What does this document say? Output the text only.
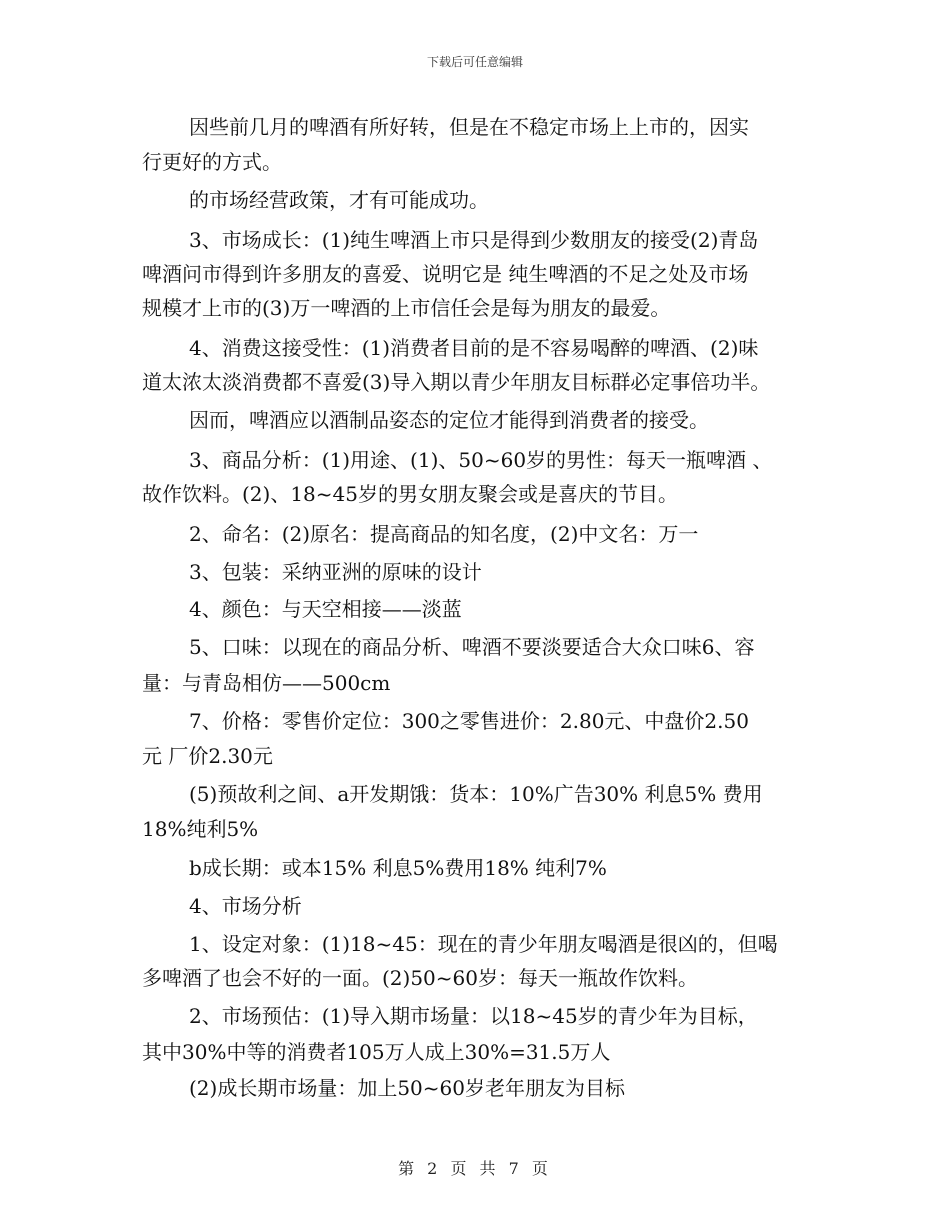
下载后可任意编辑
因些前几月的啤酒有所好转，但是在不稳定市场上上市的，因实
行更好的方式。
的市场经营政策，才有可能成功。
3、市场成长：(1)纯生啤酒上市只是得到少数朋友的接受(2)青岛
啤酒问市得到许多朋友的喜爱、说明它是 纯生啤酒的不足之处及市场
规模才上市的(3)万一啤酒的上市信任会是每为朋友的最爱。
4、消费这接受性：(1)消费者目前的是不容易喝醉的啤酒、(2)味
道太浓太淡消费都不喜爱(3)导入期以青少年朋友目标群必定事倍功半。
因而，啤酒应以酒制品姿态的定位才能得到消费者的接受。
3、商品分析：(1)用途、(1)、50~60岁的男性：每天一瓶啤酒 、
故作饮料。(2)、18~45岁的男女朋友聚会或是喜庆的节目。
2、命名：(2)原名：提高商品的知名度，(2)中文名：万一
3、包装：采纳亚洲的原味的设计
4、颜色：与天空相接——淡蓝
5、口味：以现在的商品分析、啤酒不要淡要适合大众口味6、容
量：与青岛相仿——500cm
7、价格：零售价定位：300之零售进价：2.80元、中盘价2.50
元 厂价2.30元
(5)预故利之间、a开发期饿：货本：10%广告30% 利息5% 费用
18%纯利5%
b成长期：或本15% 利息5%费用18% 纯利7%
4、市场分析
1、设定对象：(1)18~45：现在的青少年朋友喝酒是很凶的，但喝
多啤酒了也会不好的一面。(2)50~60岁：每天一瓶故作饮料。
2、市场预估：(1)导入期市场量：以18~45岁的青少年为目标，
其中30%中等的消费者105万人成上30%=31.5万人
(2)成长期市场量：加上50~60岁老年朋友为目标
第 2 页 共 7 页
